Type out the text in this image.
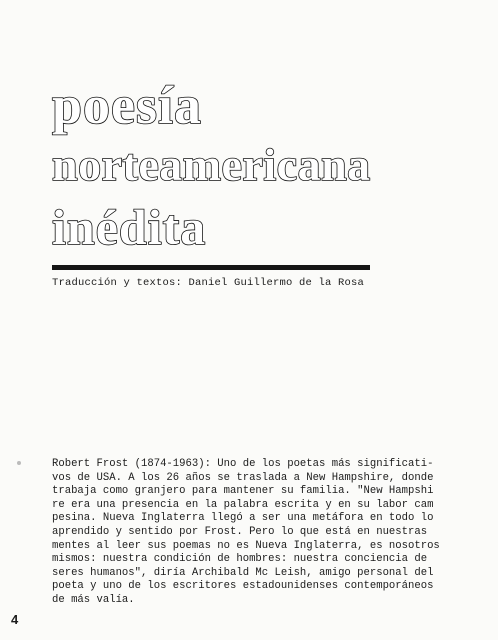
poesía
norteamericana
inédita
Traducción y textos: Daniel Guillermo de la Rosa
Robert Frost (1874-1963): Uno de los poetas más significati-
vos de USA. A los 26 años se traslada a New Hampshire, donde
trabaja como granjero para mantener su familia. "New Hampshi
re era una presencia en la palabra escrita y en su labor cam
pesina. Nueva Inglaterra llegó a ser una metáfora en todo lo
aprendido y sentido por Frost. Pero lo que está en nuestras
mentes al leer sus poemas no es Nueva Inglaterra, es nosotros
mismos: nuestra condición de hombres: nuestra conciencia de
seres humanos", diría Archibald Mc Leish, amigo personal del
poeta y uno de los escritores estadounidenses contemporáneos
de más valía.
4
